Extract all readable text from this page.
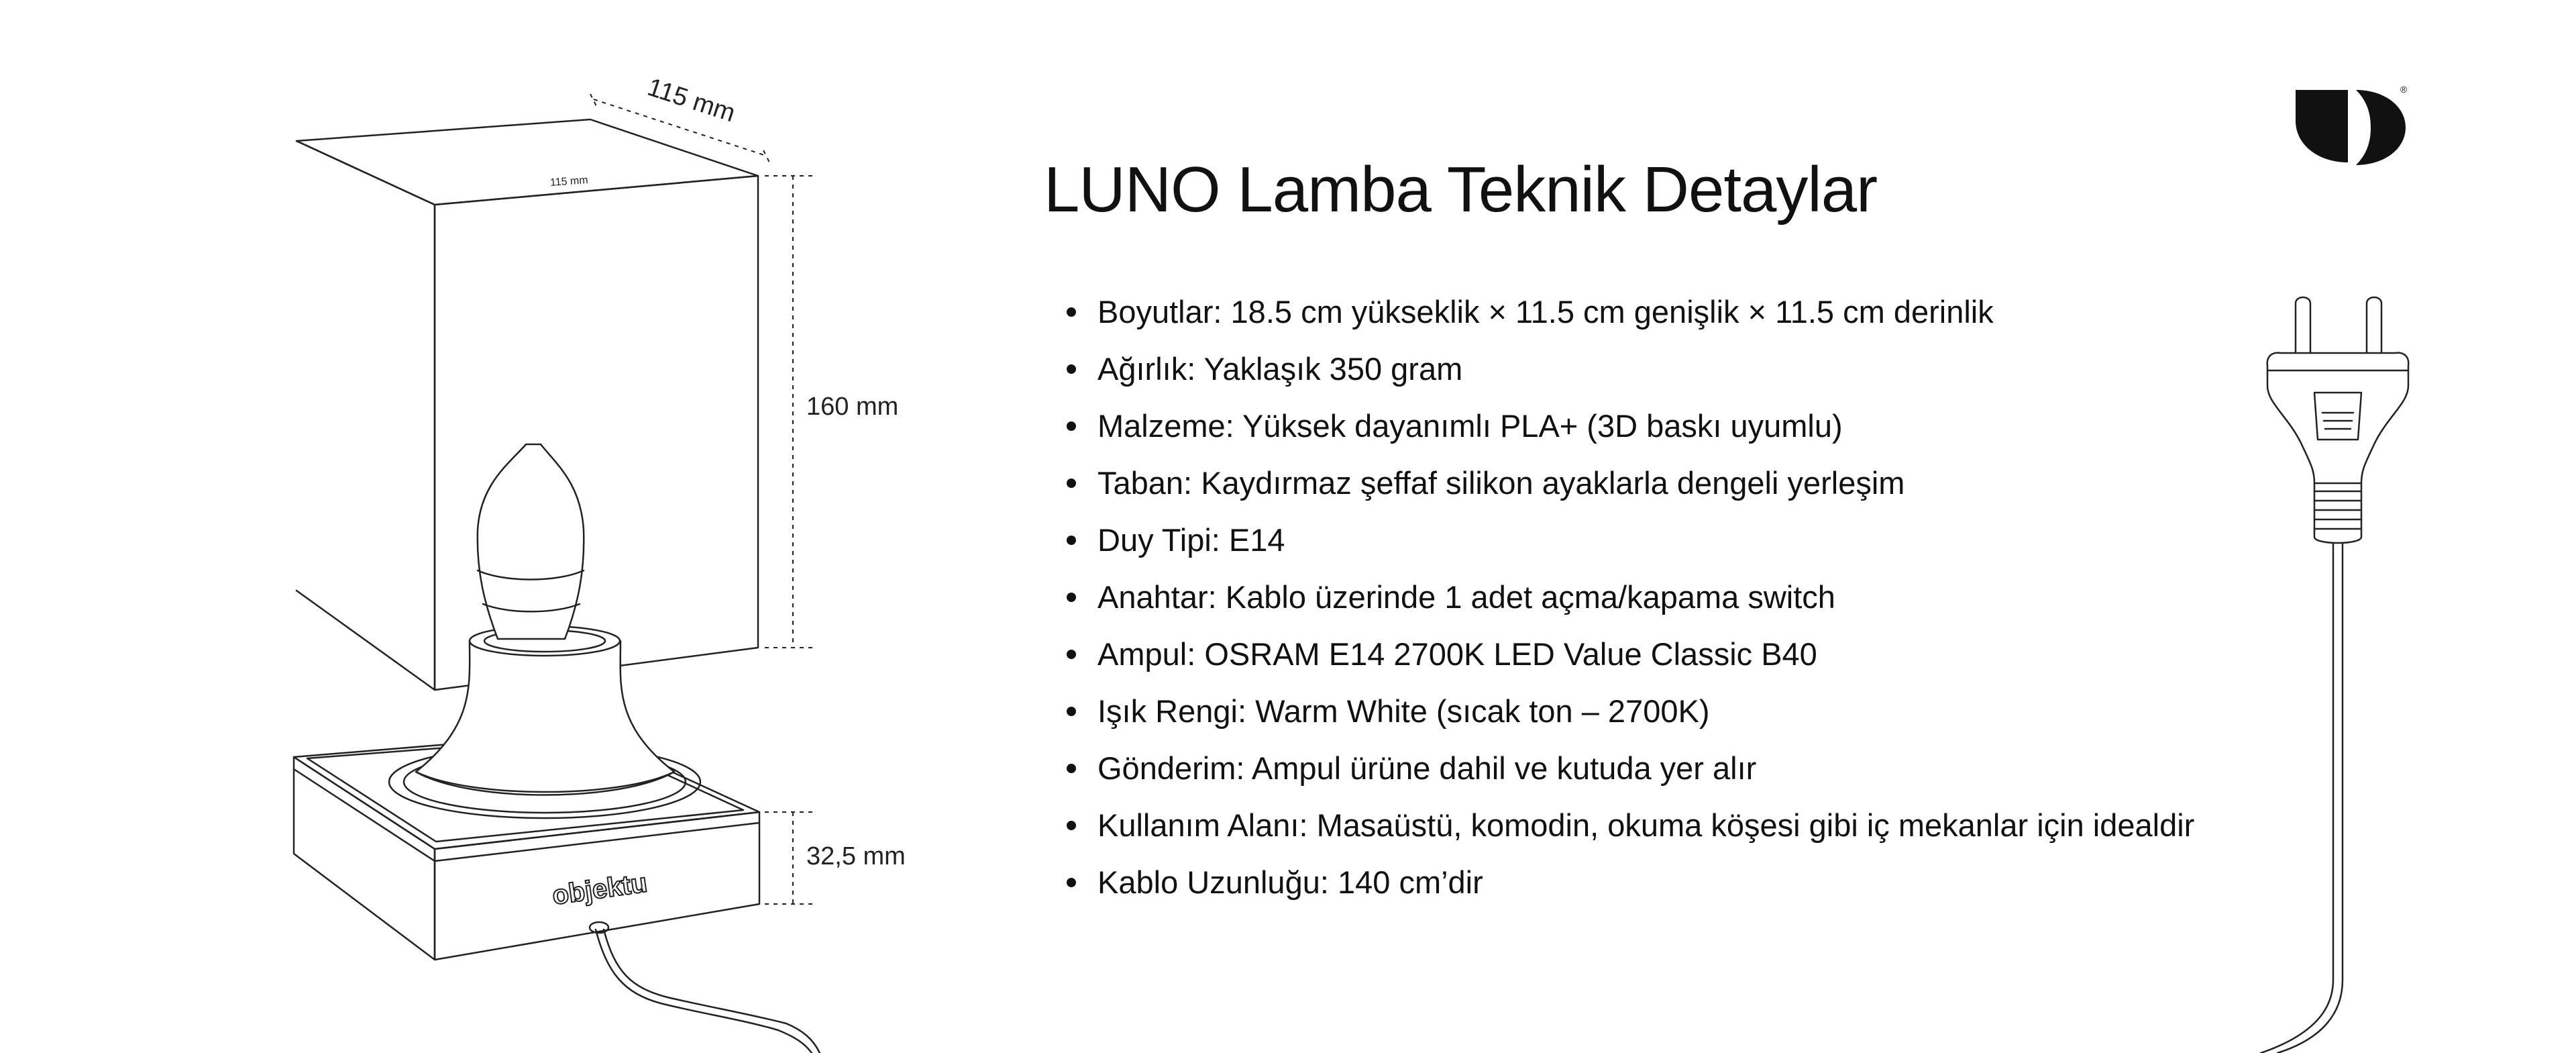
115 mm
115 mm
160 mm
32,5 mm
objektu
®
LUNO Lamba Teknik Detaylar
Boyutlar: 18.5 cm yükseklik × 11.5 cm genişlik × 11.5 cm derinlik
Ağırlık: Yaklaşık 350 gram
Malzeme: Yüksek dayanımlı PLA+ (3D baskı uyumlu)
Taban: Kaydırmaz şeffaf silikon ayaklarla dengeli yerleşim
Duy Tipi: E14
Anahtar: Kablo üzerinde 1 adet açma/kapama switch
Ampul: OSRAM E14 2700K LED Value Classic B40
Işık Rengi: Warm White (sıcak ton – 2700K)
Gönderim: Ampul ürüne dahil ve kutuda yer alır
Kullanım Alanı: Masaüstü, komodin, okuma köşesi gibi iç mekanlar için idealdir
Kablo Uzunluğu: 140 cm’dir
